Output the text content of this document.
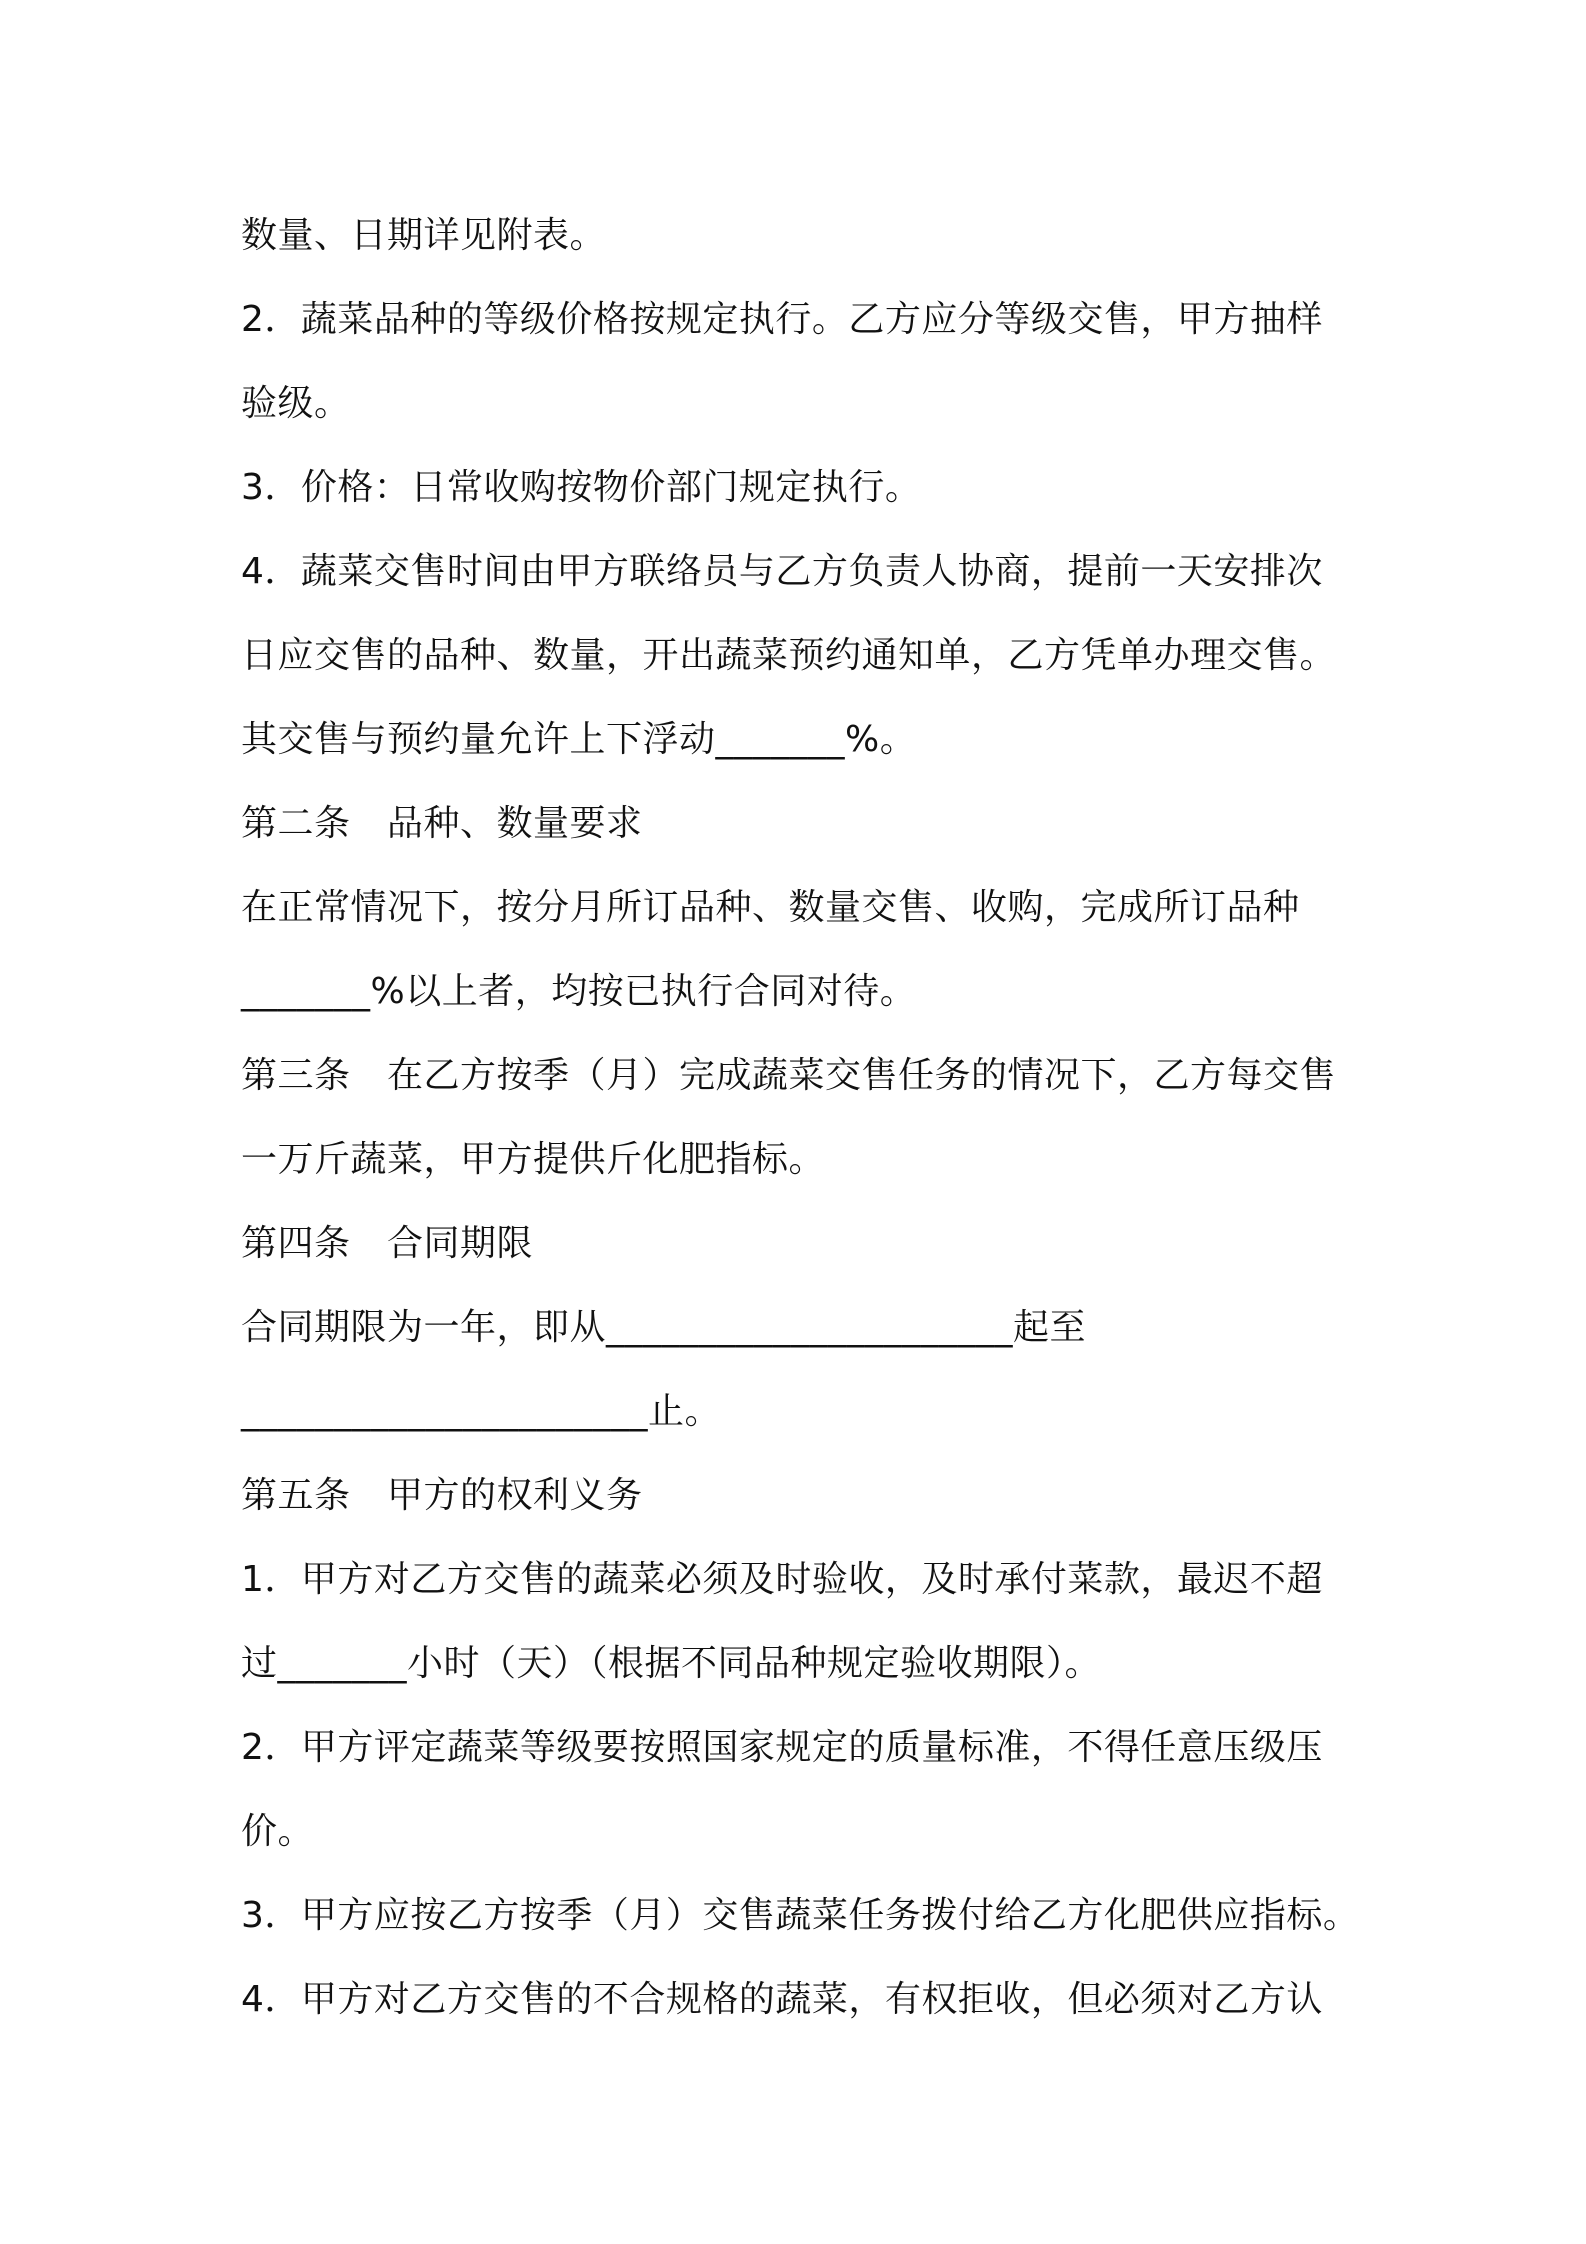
数量、日期详见附表。
2．蔬菜品种的等级价格按规定执行。乙方应分等级交售，甲方抽样
验级。
3．价格：日常收购按物价部门规定执行。
4．蔬菜交售时间由甲方联络员与乙方负责人协商，提前一天安排次
日应交售的品种、数量，开出蔬菜预约通知单，乙方凭单办理交售。
其交售与预约量允许上下浮动_______%。
第二条　品种、数量要求
在正常情况下，按分月所订品种、数量交售、收购，完成所订品种
_______%以上者，均按已执行合同对待。
第三条　在乙方按季（月）完成蔬菜交售任务的情况下，乙方每交售
一万斤蔬菜，甲方提供斤化肥指标。
第四条　合同期限
合同期限为一年，即从______________________起至
______________________止。
第五条　甲方的权利义务
1．甲方对乙方交售的蔬菜必须及时验收，及时承付菜款，最迟不超
过_______小时（天）（根据不同品种规定验收期限）。
2．甲方评定蔬菜等级要按照国家规定的质量标准，不得任意压级压
价。
3．甲方应按乙方按季（月）交售蔬菜任务拨付给乙方化肥供应指标。
4．甲方对乙方交售的不合规格的蔬菜，有权拒收，但必须对乙方认
